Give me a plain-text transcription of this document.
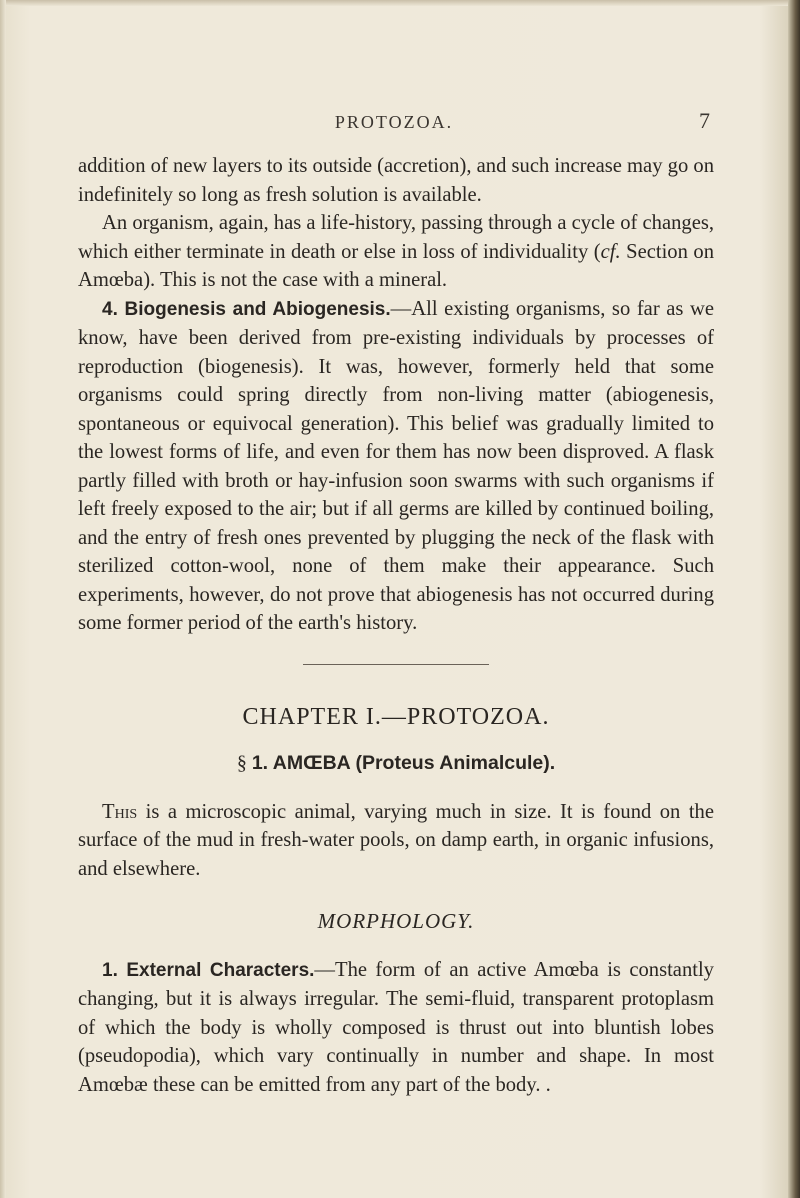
PROTOZOA.	7

addition of new layers to its outside (accretion), and such increase may go on indefinitely so long as fresh solution is available.

An organism, again, has a life-history, passing through a cycle of changes, which either terminate in death or else in loss of individuality (cf. Section on Amœba). This is not the case with a mineral.

4. Biogenesis and Abiogenesis.—All existing organisms, so far as we know, have been derived from pre-existing individuals by processes of reproduction (biogenesis). It was, however, formerly held that some organisms could spring directly from non-living matter (abiogenesis, spontaneous or equivocal generation). This belief was gradually limited to the lowest forms of life, and even for them has now been disproved. A flask partly filled with broth or hay-infusion soon swarms with such organisms if left freely exposed to the air; but if all germs are killed by continued boiling, and the entry of fresh ones prevented by plugging the neck of the flask with sterilized cotton-wool, none of them make their appearance. Such experiments, however, do not prove that abiogenesis has not occurred during some former period of the earth's history.

CHAPTER I.—PROTOZOA.
§ 1. AMŒBA (Proteus Animalcule).

This is a microscopic animal, varying much in size. It is found on the surface of the mud in fresh-water pools, on damp earth, in organic infusions, and elsewhere.

MORPHOLOGY.

1. External Characters.—The form of an active Amœba is constantly changing, but it is always irregular. The semi-fluid, transparent protoplasm of which the body is wholly composed is thrust out into bluntish lobes (pseudopodia), which vary continually in number and shape. In most Amœbæ these can be emitted from any part of the body. .
